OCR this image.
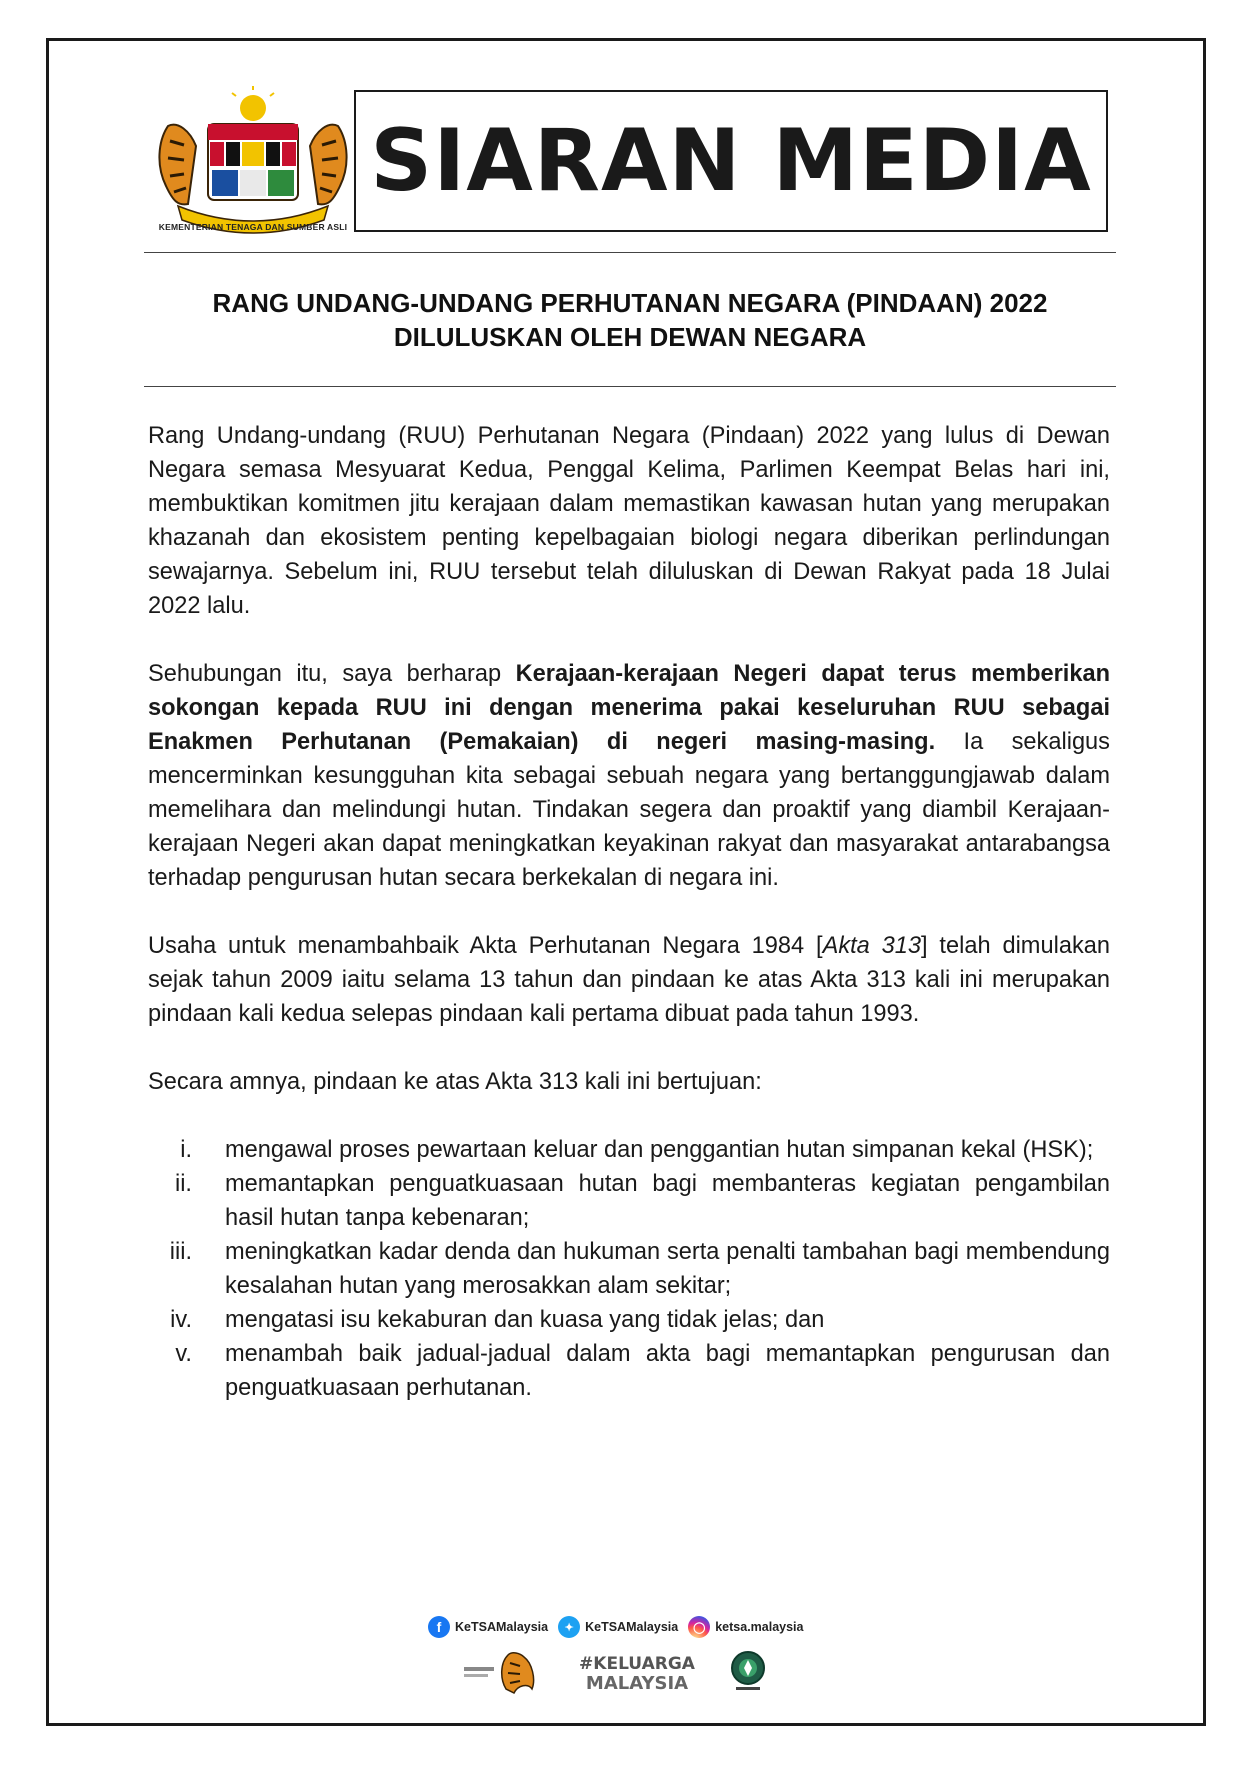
KEMENTERIAN TENAGA DAN SUMBER ASLI
SIARAN MEDIA
RANG UNDANG-UNDANG PERHUTANAN NEGARA (PINDAAN) 2022
DILULUSKAN OLEH DEWAN NEGARA

Rang Undang-undang (RUU) Perhutanan Negara (Pindaan) 2022 yang lulus di Dewan Negara semasa Mesyuarat Kedua, Penggal Kelima, Parlimen Keempat Belas hari ini, membuktikan komitmen jitu kerajaan dalam memastikan kawasan hutan yang merupakan khazanah dan ekosistem penting kepelbagaian biologi negara diberikan perlindungan sewajarnya. Sebelum ini, RUU tersebut telah diluluskan di Dewan Rakyat pada 18 Julai 2022 lalu.

Sehubungan itu, saya berharap Kerajaan-kerajaan Negeri dapat terus memberikan sokongan kepada RUU ini dengan menerima pakai keseluruhan RUU sebagai Enakmen Perhutanan (Pemakaian) di negeri masing-masing. Ia sekaligus mencerminkan kesungguhan kita sebagai sebuah negara yang bertanggungjawab dalam memelihara dan melindungi hutan. Tindakan segera dan proaktif yang diambil Kerajaan-kerajaan Negeri akan dapat meningkatkan keyakinan rakyat dan masyarakat antarabangsa terhadap pengurusan hutan secara berkekalan di negara ini.

Usaha untuk menambahbaik Akta Perhutanan Negara 1984 [Akta 313] telah dimulakan sejak tahun 2009 iaitu selama 13 tahun dan pindaan ke atas Akta 313 kali ini merupakan pindaan kali kedua selepas pindaan kali pertama dibuat pada tahun 1993.

Secara amnya, pindaan ke atas Akta 313 kali ini bertujuan:

i. mengawal proses pewartaan keluar dan penggantian hutan simpanan kekal (HSK);
ii. memantapkan penguatkuasaan hutan bagi membanteras kegiatan pengambilan hasil hutan tanpa kebenaran;
iii. meningkatkan kadar denda dan hukuman serta penalti tambahan bagi membendung kesalahan hutan yang merosakkan alam sekitar;
iv. mengatasi isu kekaburan dan kuasa yang tidak jelas; dan
v. menambah baik jadual-jadual dalam akta bagi memantapkan pengurusan dan penguatkuasaan perhutanan.
f	KeTSAMalaysia	✦ KeTSAMalaysia	◯ ketsa.malaysia
#KELUARGA
MALAYSIA
